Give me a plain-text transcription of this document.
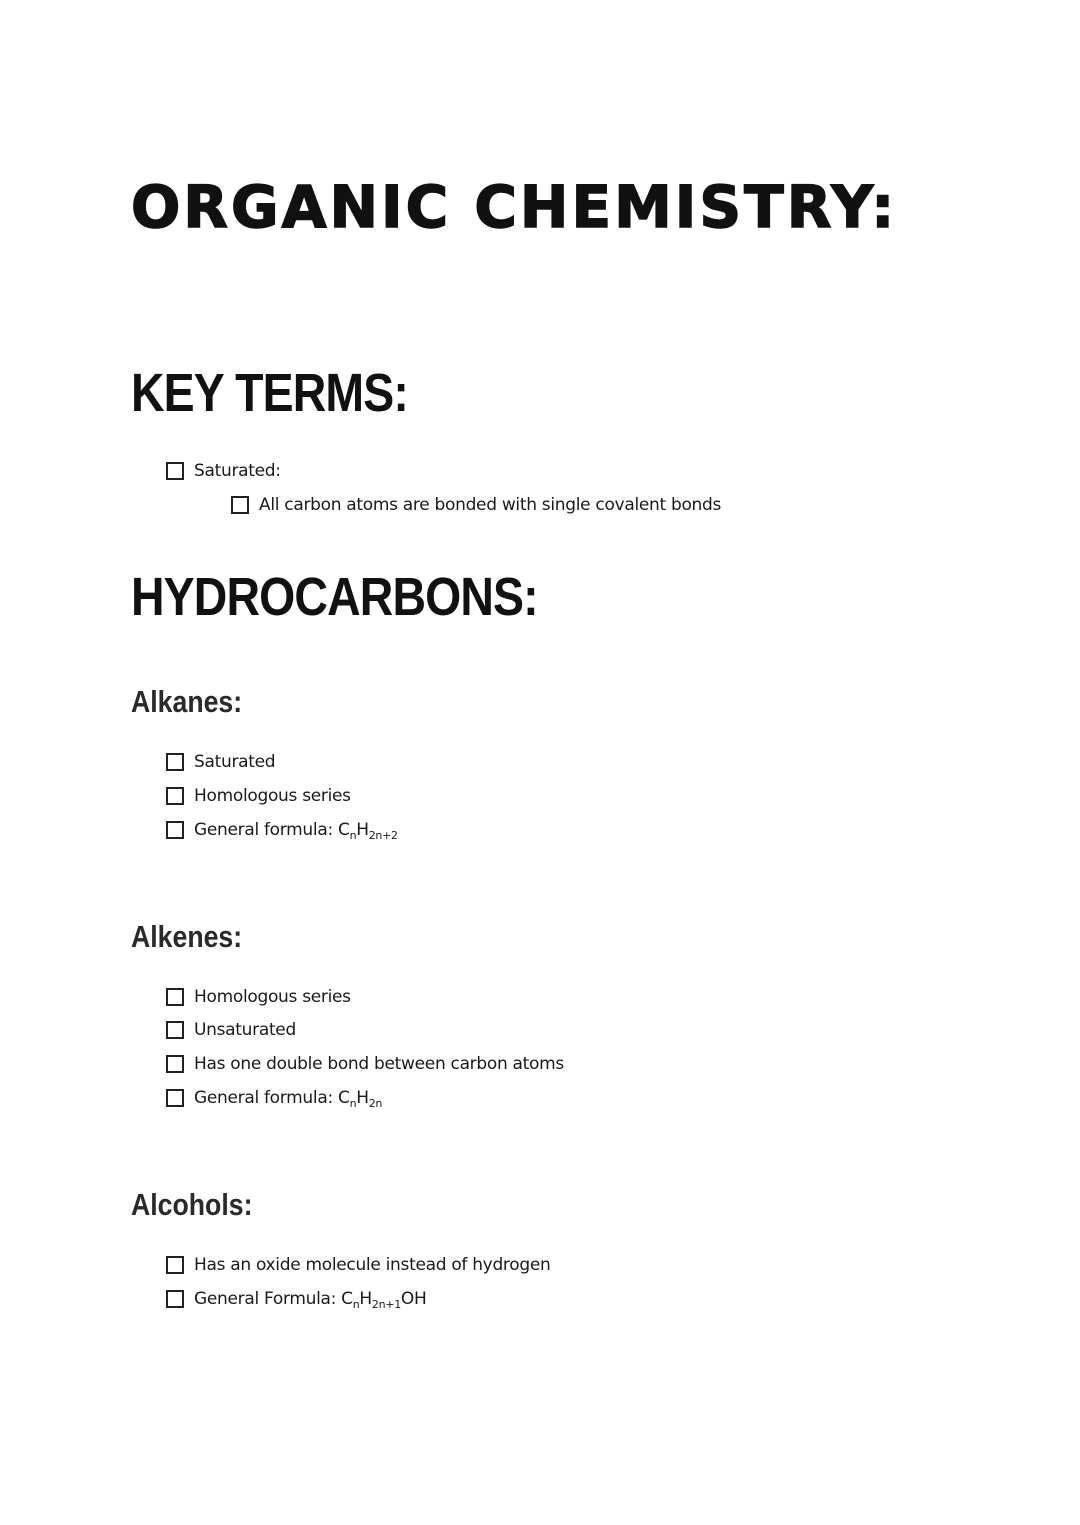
ORGANIC CHEMISTRY:
KEY TERMS:
Saturated:
All carbon atoms are bonded with single covalent bonds
HYDROCARBONS:
Alkanes:
Saturated
Homologous series
General formula: $C_nH_{2n+2}$
Alkenes:
Homologous series
Unsaturated
Has one double bond between carbon atoms
General formula: $C_nH_{2n}$
Alcohols:
Has an oxide molecule instead of hydrogen
General Formula: $C_nH_{2n+1}OH$
